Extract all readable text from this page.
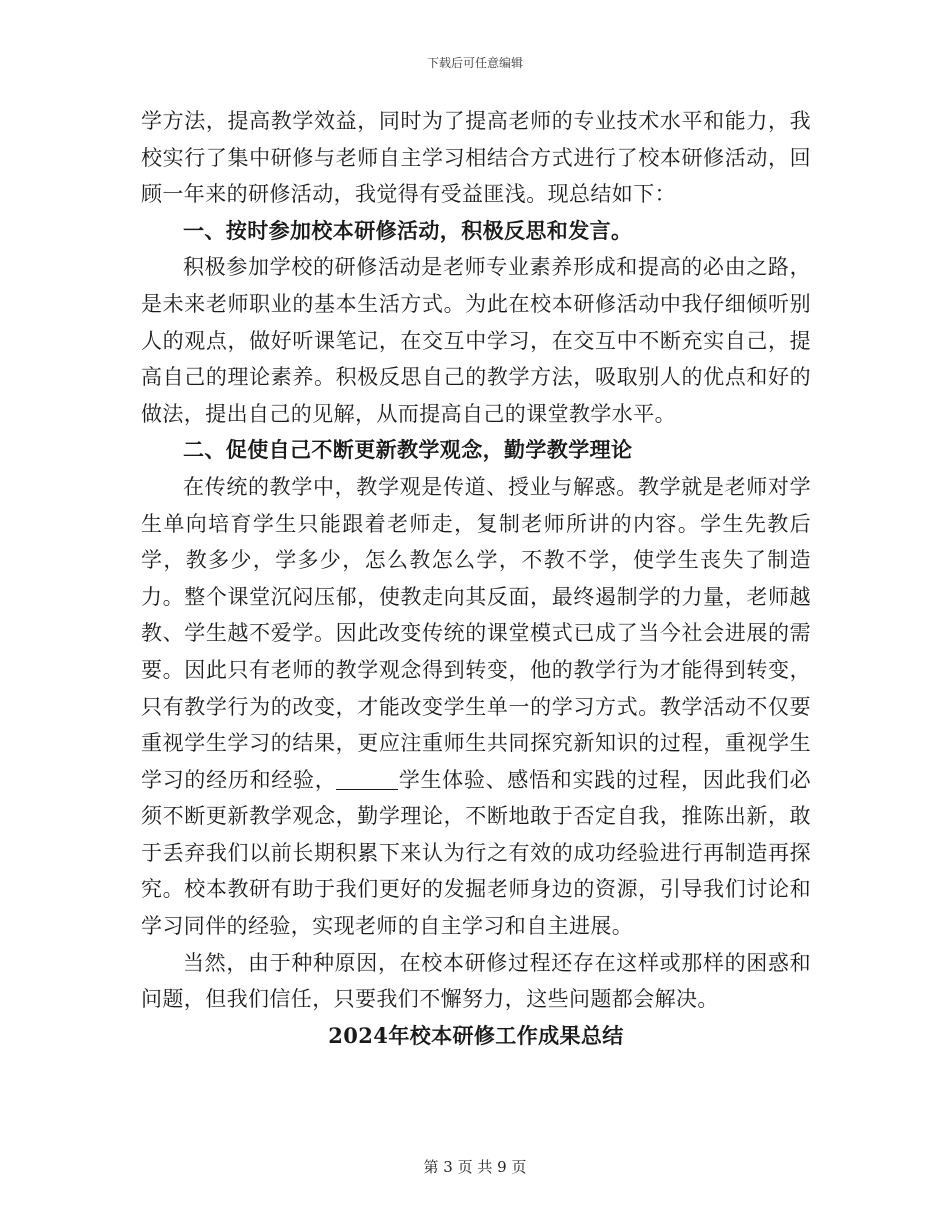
下载后可任意编辑

学方法，提高教学效益，同时为了提高老师的专业技术水平和能力，我校实行了集中研修与老师自主学习相结合方式进行了校本研修活动，回顾一年来的研修活动，我觉得有受益匪浅。现总结如下：

一、按时参加校本研修活动，积极反思和发言。

积极参加学校的研修活动是老师专业素养形成和提高的必由之路，是未来老师职业的基本生活方式。为此在校本研修活动中我仔细倾听别人的观点，做好听课笔记，在交互中学习，在交互中不断充实自己，提高自己的理论素养。积极反思自己的教学方法，吸取别人的优点和好的做法，提出自己的见解，从而提高自己的课堂教学水平。

二、促使自己不断更新教学观念，勤学教学理论

在传统的教学中，教学观是传道、授业与解惑。教学就是老师对学生单向培育学生只能跟着老师走，复制老师所讲的内容。学生先教后学，教多少，学多少，怎么教怎么学，不教不学，使学生丧失了制造力。整个课堂沉闷压郁，使教走向其反面，最终遏制学的力量，老师越教、学生越不爱学。因此改变传统的课堂模式已成了当今社会进展的需要。因此只有老师的教学观念得到转变，他的教学行为才能得到转变，只有教学行为的改变，才能改变学生单一的学习方式。教学活动不仅要重视学生学习的结果，更应注重师生共同探究新知识的过程，重视学生学习的经历和经验，	学生体验、感悟和实践的过程，因此我们必须不断更新教学观念，勤学理论，不断地敢于否定自我，推陈出新，敢于丢弃我们以前长期积累下来认为行之有效的成功经验进行再制造再探究。校本教研有助于我们更好的发掘老师身边的资源，引导我们讨论和学习同伴的经验，实现老师的自主学习和自主进展。

当然，由于种种原因，在校本研修过程还存在这样或那样的困惑和问题，但我们信任，只要我们不懈努力，这些问题都会解决。

2024年校本研修工作成果总结

第 3 页 共 9 页
